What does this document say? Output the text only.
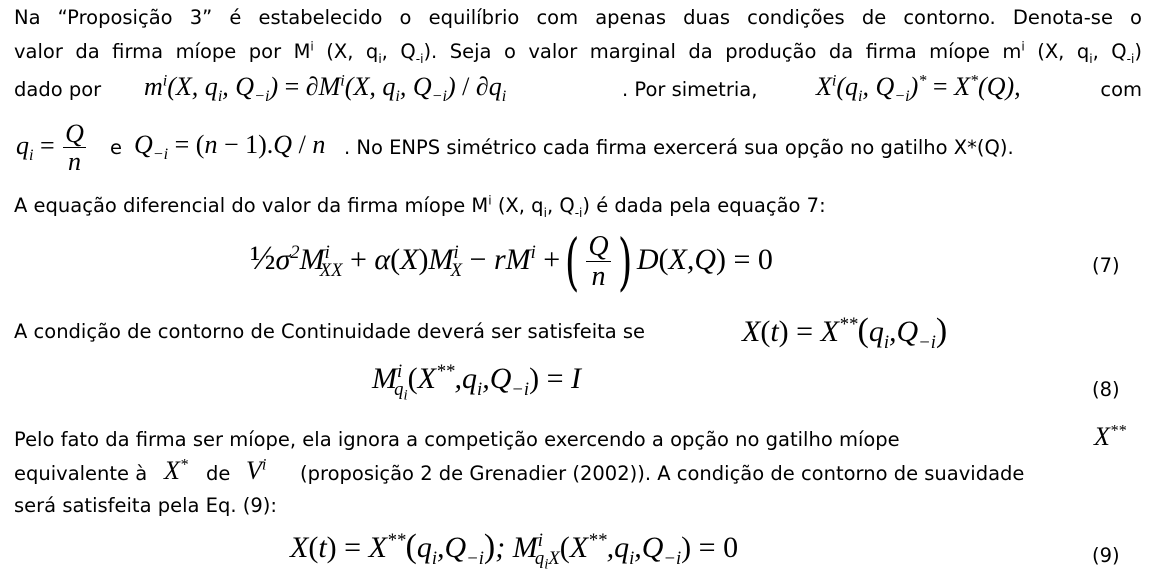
Na “Proposição 3” é estabelecido o equilíbrio com apenas duas condições de contorno. Denota-se o
valor da firma míope por $M^i$ (X, $q_i$, $Q_{-i}$). Seja o valor marginal da produção da firma míope $m^i$ (X, $q_i$, $Q_{-i}$)
dado por $m^i(X$, $q_i$, $Q_{-i}) = \partial M^i(X$, $q_i$, $Q_{-i}) / \partial q_i$	. Por simetria, $X^i(q_i$, $Q_{-i})^* = X^*(Q)$,	com
$q_i = \frac{Q}{n}$ e $Q_{-i} = (n - 1).Q / n$ . No ENPS simétrico cada firma exercerá sua opção no gatilho X*(Q).
A equação diferencial do valor da firma míope $M^i$ (X, $q_i$, $Q_{-i}$) é dada pela equação 7:
$\frac{1}{2}\sigma^2M^i_{XX} + \alpha(X)M^i_X - rM^i$ +( $\frac{Q}{n}$ ) D(X,Q) = 0	(7)
A condição de contorno de Continuidade deverá ser satisfeita se	$X(t) = X^{**}(q_i,Q_{-i})$
$M^i_{q_i}(X^{**},q_i,Q_{-i}) = I$	(8)
Pelo fato da firma ser míope, ela ignora a competição exercendo a opção no gatilho míope	X**
equivalente à X* de $V^i$ (proposição 2 de Grenadier (2002)). A condição de contorno de suavidade
será satisfeita pela Eq. (9):
$X(t) = X^{**}(q_i,Q_{-i})$; $M^i_{q_iX}(X^{**},q_i,Q_{-i}) = 0$	(9)
